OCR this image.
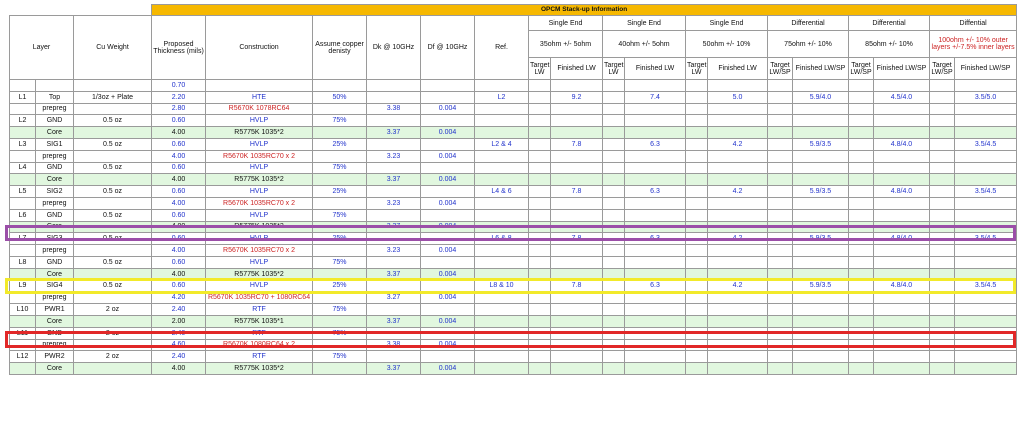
			OPCM Stack-up Information																	
Layer		Cu Weight	Proposed Thickness (mils)	Construction	Assume copper denisty	Dk @ 10GHz	Df @ 10GHz	Ref.	Single End		Single End		Single End		Differential		Differential		Diffential	
									35ohm +/- 5ohm		40ohm +/- 5ohm		50ohm +/- 10%		75ohm +/- 10%		85ohm +/- 10%		100ohm +/- 10% outer layers +/-7.5% inner layers	
									Target LW	Finished LW	Target LW	Finished LW	Target LW	Finished LW	Target LW/SP	Finished LW/SP	Target LW/SP	Finished LW/SP	Target LW/SP	Finished LW/SP
			0.70																	
L1	Top	1/3oz + Plate	2.20	HTE	50%			L2		9.2		7.4		5.0		5.9/4.0		4.5/4.0		3.5/5.0
	prepreg		2.80	R5670K 1078RC64		3.38	0.004													
L2	GND	0.5 oz	0.60	HVLP	75%															
	Core		4.00	R5775K 1035*2		3.37	0.004													
L3	SIG1	0.5 oz	0.60	HVLP	25%			L2 & 4		7.8		6.3		4.2		5.9/3.5		4.8/4.0		3.5/4.5
	prepreg		4.00	R5670K 1035RC70 x 2		3.23	0.004													
L4	GND	0.5 oz	0.60	HVLP	75%															
	Core		4.00	R5775K 1035*2		3.37	0.004													
L5	SIG2	0.5 oz	0.60	HVLP	25%			L4 & 6		7.8		6.3		4.2		5.9/3.5		4.8/4.0		3.5/4.5
	prepreg		4.00	R5670K 1035RC70 x 2		3.23	0.004													
L6	GND	0.5 oz	0.60	HVLP	75%															
	Core		4.00	R5775K 1035*2		3.37	0.004													
L7	SIG3	0.5 oz	0.60	HVLP	25%			L6 & 8		7.8		6.3		4.2		5.9/3.5		4.8/4.0		3.5/4.5
	prepreg		4.00	R5670K 1035RC70 x 2		3.23	0.004													
L8	GND	0.5 oz	0.60	HVLP	75%															
	Core		4.00	R5775K 1035*2		3.37	0.004													
L9	SIG4	0.5 oz	0.60	HVLP	25%			L8 & 10		7.8		6.3		4.2		5.9/3.5		4.8/4.0		3.5/4.5
	prepreg		4.20	R5670K 1035RC70 + 1080RC64		3.27	0.004													
L10	PWR1	2 oz	2.40	RTF	75%															
	Core		2.00	R5775K 1035*1		3.37	0.004													
L11	GND	2 oz	2.40	RTF	75%															
	prepreg		4.60	R5670K 1080RC64 x 2		3.38	0.004													
L12	PWR2	2 oz	2.40	RTF	75%															
	Core		4.00	R5775K 1035*2		3.37	0.004													
